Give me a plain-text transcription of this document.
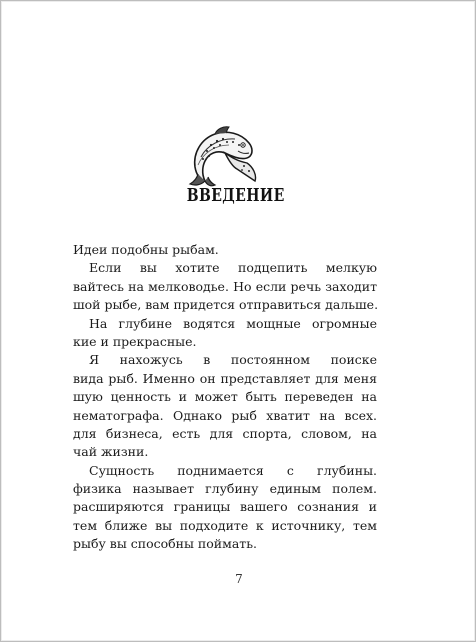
ВВЕДЕНИЕ
Идеи подобны рыбам.
Если вы хотите подцепить мелкую
вайтесь на мелководье. Но если речь заходит
шой рыбе, вам придется отправиться дальше.
На глубине водятся мощные огромные
кие и прекрасные.
Я нахожусь в постоянном поиске
вида рыб. Именно он представляет для меня
шую ценность и может быть переведен на
нематографа. Однако рыб хватит на всех.
для бизнеса, есть для спорта, словом, на
чай жизни.
Сущность поднимается с глубины.
физика называет глубину единым полем.
расширяются границы вашего сознания и
тем ближе вы подходите к источнику, тем
рыбу вы способны поймать.
7
